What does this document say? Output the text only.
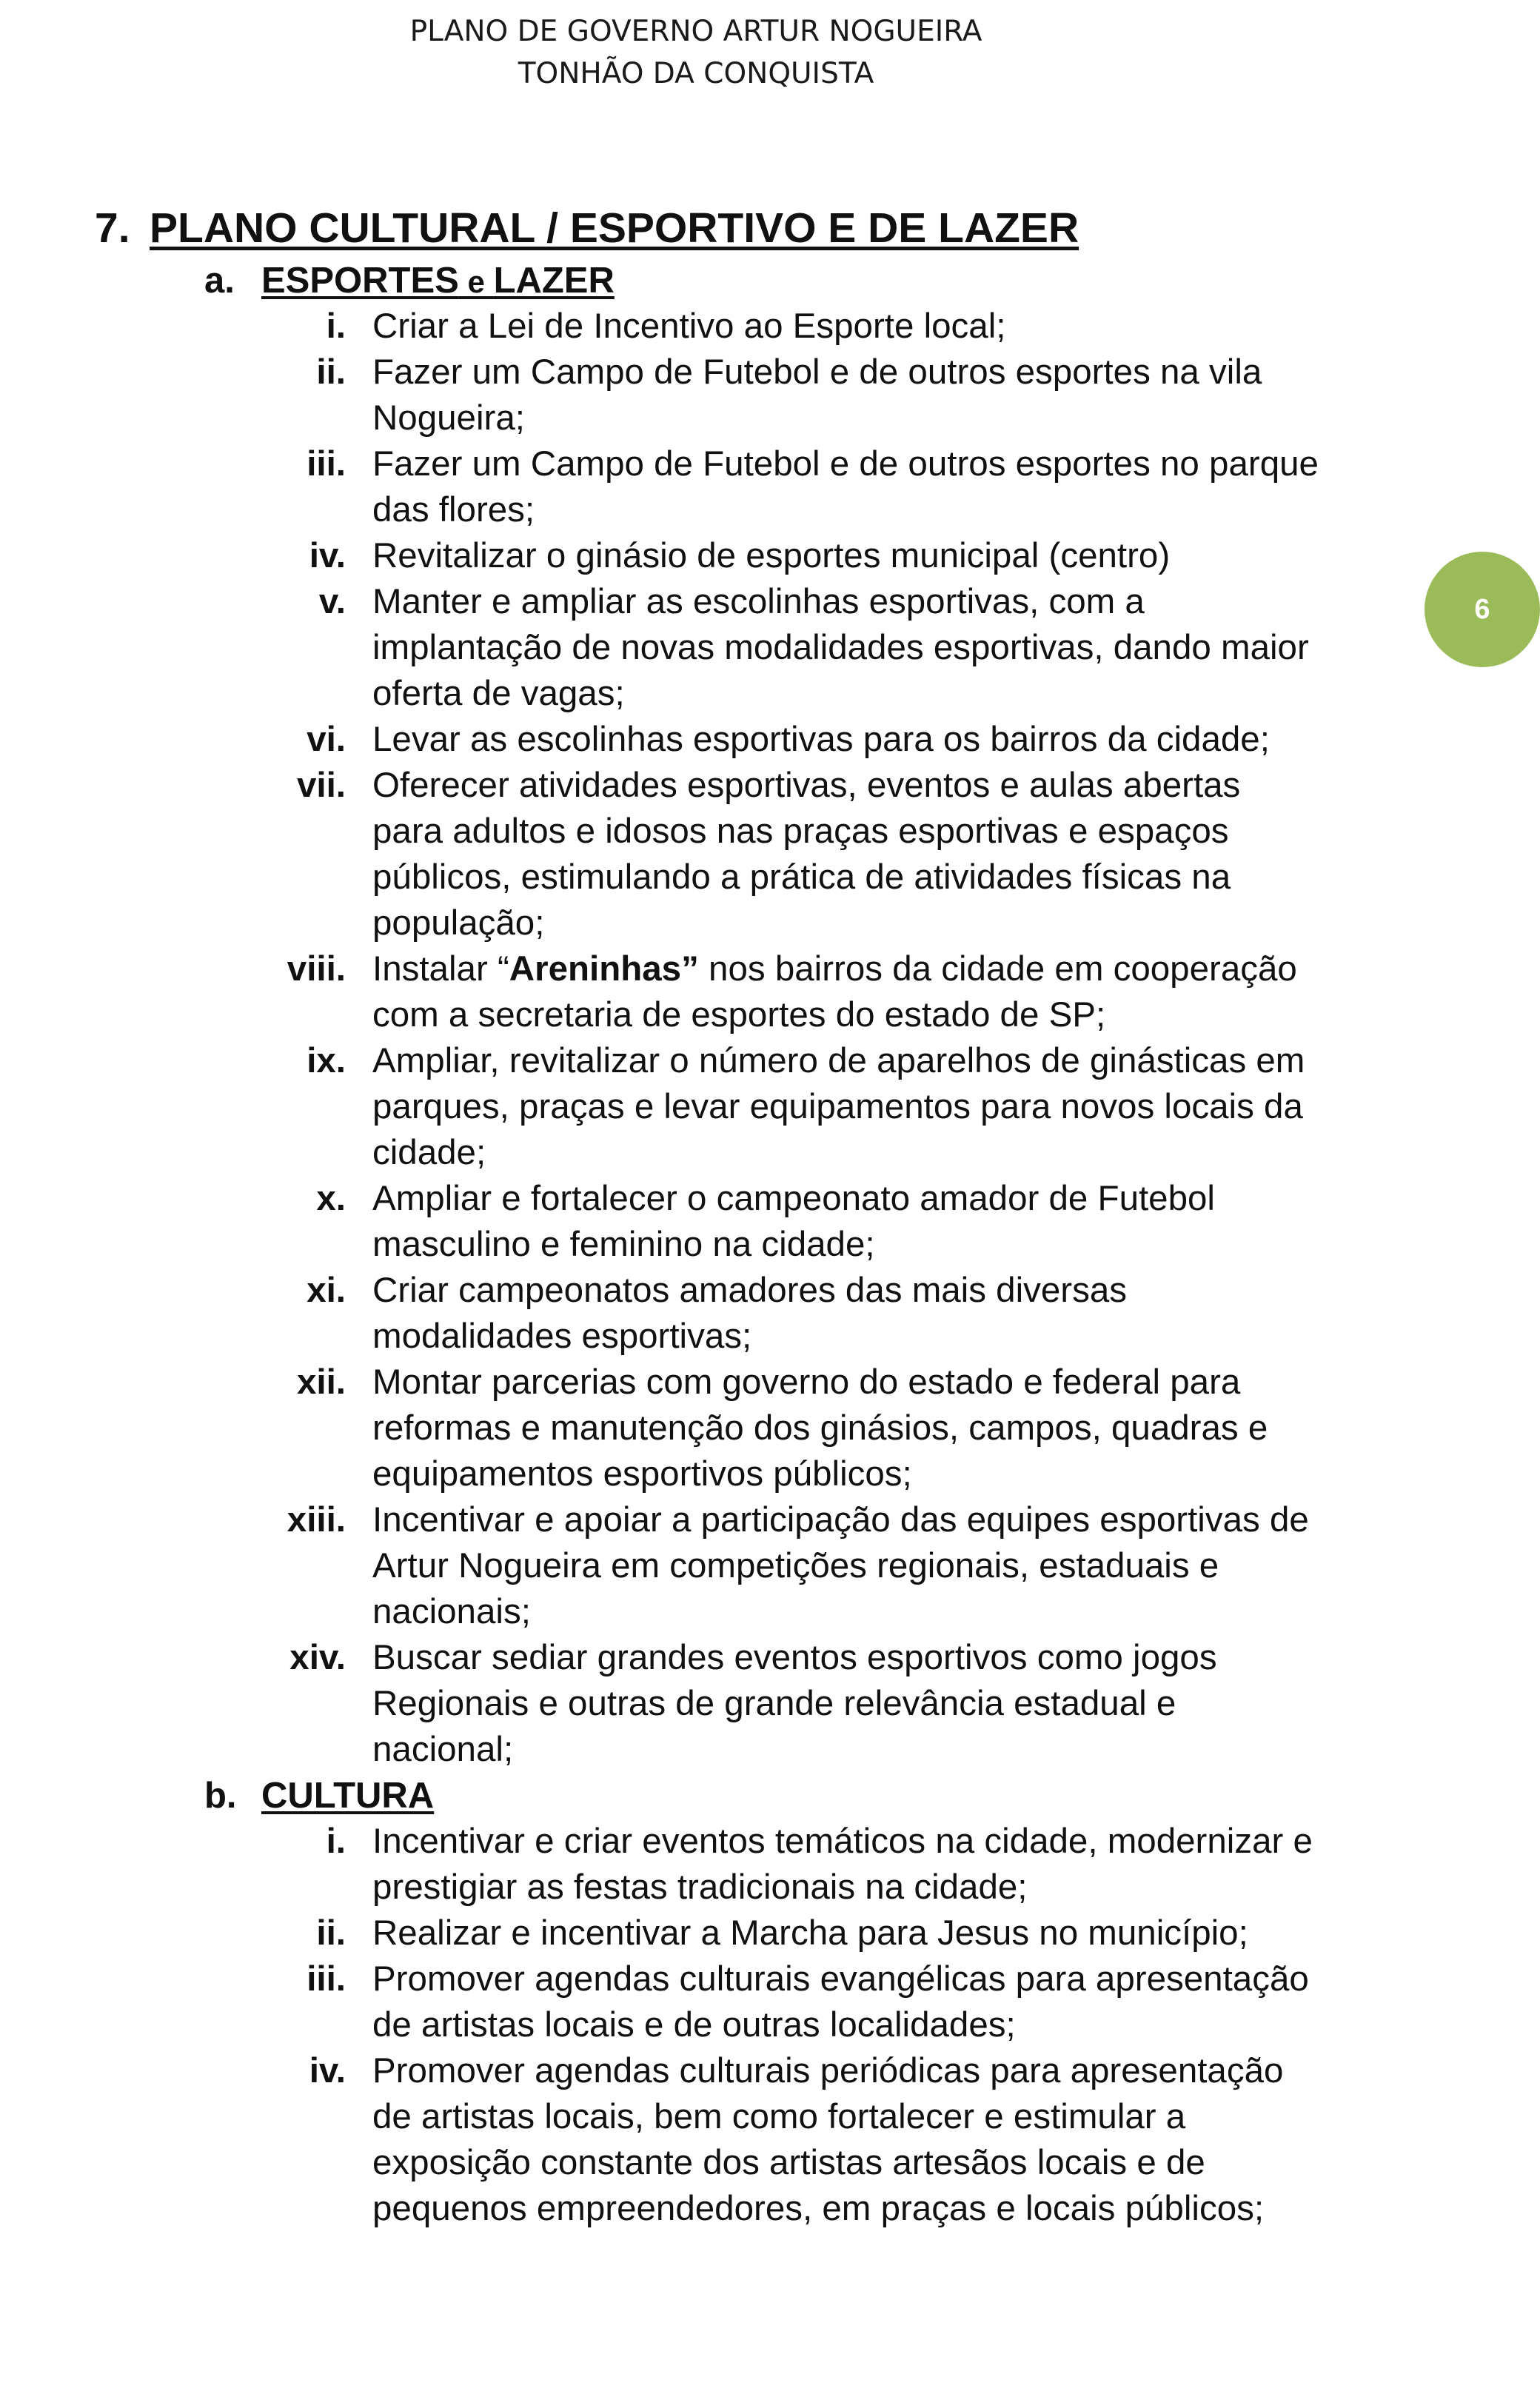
PLANO DE GOVERNO ARTUR NOGUEIRA
TONHÃO DA CONQUISTA
6
7. PLANO CULTURAL / ESPORTIVO E DE LAZER
a. ESPORTES e LAZER
i. Criar a Lei de Incentivo ao Esporte local;
ii. Fazer um Campo de Futebol e de outros esportes na vila
Nogueira;
iii. Fazer um Campo de Futebol e de outros esportes no parque
das flores;
iv. Revitalizar o ginásio de esportes municipal (centro)
v. Manter e ampliar as escolinhas esportivas, com a
implantação de novas modalidades esportivas, dando maior
oferta de vagas;
vi. Levar as escolinhas esportivas para os bairros da cidade;
vii. Oferecer atividades esportivas, eventos e aulas abertas
para adultos e idosos nas praças esportivas e espaços
públicos, estimulando a prática de atividades físicas na
população;
viii. Instalar “Areninhas” nos bairros da cidade em cooperação
com a secretaria de esportes do estado de SP;
ix. Ampliar, revitalizar o número de aparelhos de ginásticas em
parques, praças e levar equipamentos para novos locais da
cidade;
x. Ampliar e fortalecer o campeonato amador de Futebol
masculino e feminino na cidade;
xi. Criar campeonatos amadores das mais diversas
modalidades esportivas;
xii. Montar parcerias com governo do estado e federal para
reformas e manutenção dos ginásios, campos, quadras e
equipamentos esportivos públicos;
xiii. Incentivar e apoiar a participação das equipes esportivas de
Artur Nogueira em competições regionais, estaduais e
nacionais;
xiv. Buscar sediar grandes eventos esportivos como jogos
Regionais e outras de grande relevância estadual e
nacional;
b. CULTURA
i. Incentivar e criar eventos temáticos na cidade, modernizar e
prestigiar as festas tradicionais na cidade;
ii. Realizar e incentivar a Marcha para Jesus no município;
iii. Promover agendas culturais evangélicas para apresentação
de artistas locais e de outras localidades;
iv. Promover agendas culturais periódicas para apresentação
de artistas locais, bem como fortalecer e estimular a
exposição constante dos artistas artesãos locais e de
pequenos empreendedores, em praças e locais públicos;
